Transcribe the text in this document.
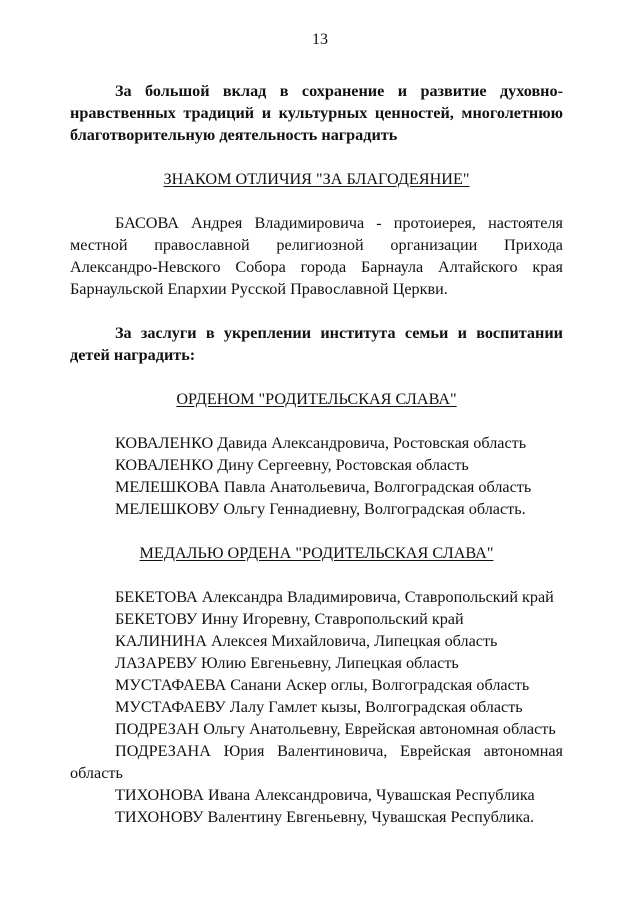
13

За большой вклад в сохранение и развитие духовно-нравственных традиций и культурных ценностей, многолетнюю благотворительную деятельность наградить

ЗНАКОМ ОТЛИЧИЯ "ЗА БЛАГОДЕЯНИЕ"

БАСОВА Андрея Владимировича - протоиерея, настоятеля местной православной религиозной организации Прихода Александро-Невского Собора города Барнаула Алтайского края Барнаульской Епархии Русской Православной Церкви.

За заслуги в укреплении института семьи и воспитании детей наградить:

ОРДЕНОМ "РОДИТЕЛЬСКАЯ СЛАВА"

КОВАЛЕНКО Давида Александровича, Ростовская область
КОВАЛЕНКО Дину Сергеевну, Ростовская область
МЕЛЕШКОВА Павла Анатольевича, Волгоградская область
МЕЛЕШКОВУ Ольгу Геннадиевну, Волгоградская область.

МЕДАЛЬЮ ОРДЕНА "РОДИТЕЛЬСКАЯ СЛАВА"

БЕКЕТОВА Александра Владимировича, Ставропольский край
БЕКЕТОВУ Инну Игоревну, Ставропольский край
КАЛИНИНА Алексея Михайловича, Липецкая область
ЛАЗАРЕВУ Юлию Евгеньевну, Липецкая область
МУСТАФАЕВА Санани Аскер оглы, Волгоградская область
МУСТАФАЕВУ Лалу Гамлет кызы, Волгоградская область
ПОДРЕЗАН Ольгу Анатольевну, Еврейская автономная область
ПОДРЕЗАНА Юрия Валентиновича, Еврейская автономная область
ТИХОНОВА Ивана Александровича, Чувашская Республика
ТИХОНОВУ Валентину Евгеньевну, Чувашская Республика.
